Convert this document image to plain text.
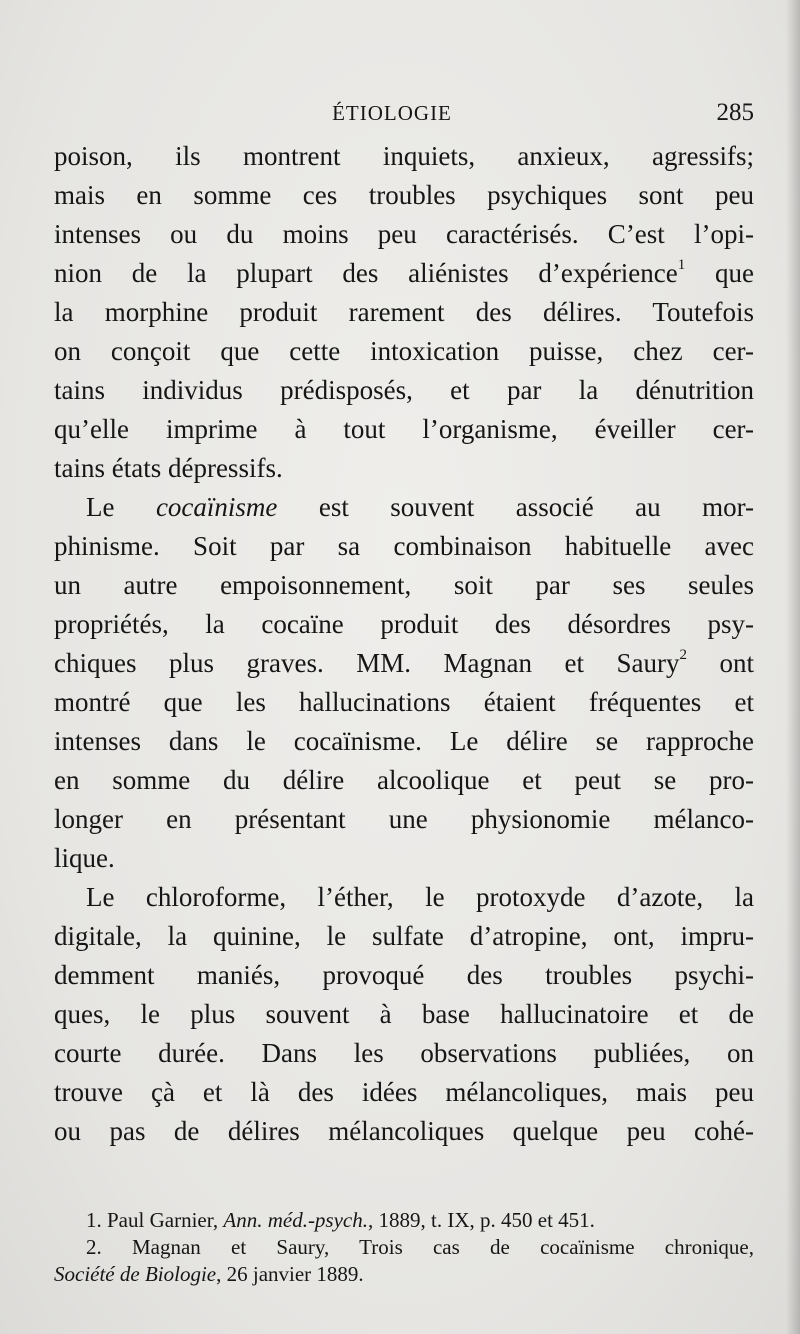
ÉTIOLOGIE	285
poison, ils montrent inquiets, anxieux, agressifs;
mais en somme ces troubles psychiques sont peu
intenses ou du moins peu caractérisés. C’est l’opi-
nion de la plupart des aliénistes d’expérience$^1$ que
la morphine produit rarement des délires. Toutefois
on conçoit que cette intoxication puisse, chez cer-
tains individus prédisposés, et par la dénutrition
qu’elle imprime à tout l’organisme, éveiller cer-
tains états dépressifs.
Le cocaïnisme est souvent associé au mor-
phinisme. Soit par sa combinaison habituelle avec
un autre empoisonnement, soit par ses seules
propriétés, la cocaïne produit des désordres psy-
chiques plus graves. MM. Magnan et Saury$^2$ ont
montré que les hallucinations étaient fréquentes et
intenses dans le cocaïnisme. Le délire se rapproche
en somme du délire alcoolique et peut se pro-
longer en présentant une physionomie mélanco-
lique.
Le chloroforme, l’éther, le protoxyde d’azote, la
digitale, la quinine, le sulfate d’atropine, ont, impru-
demment maniés, provoqué des troubles psychi-
ques, le plus souvent à base hallucinatoire et de
courte durée. Dans les observations publiées, on
trouve çà et là des idées mélancoliques, mais peu
ou pas de délires mélancoliques quelque peu cohé-
1. Paul Garnier, Ann. méd.-psych., 1889, t. IX, p. 450 et 451.
2. Magnan et Saury, Trois cas de cocaïnisme chronique,
Société de Biologie, 26 janvier 1889.
